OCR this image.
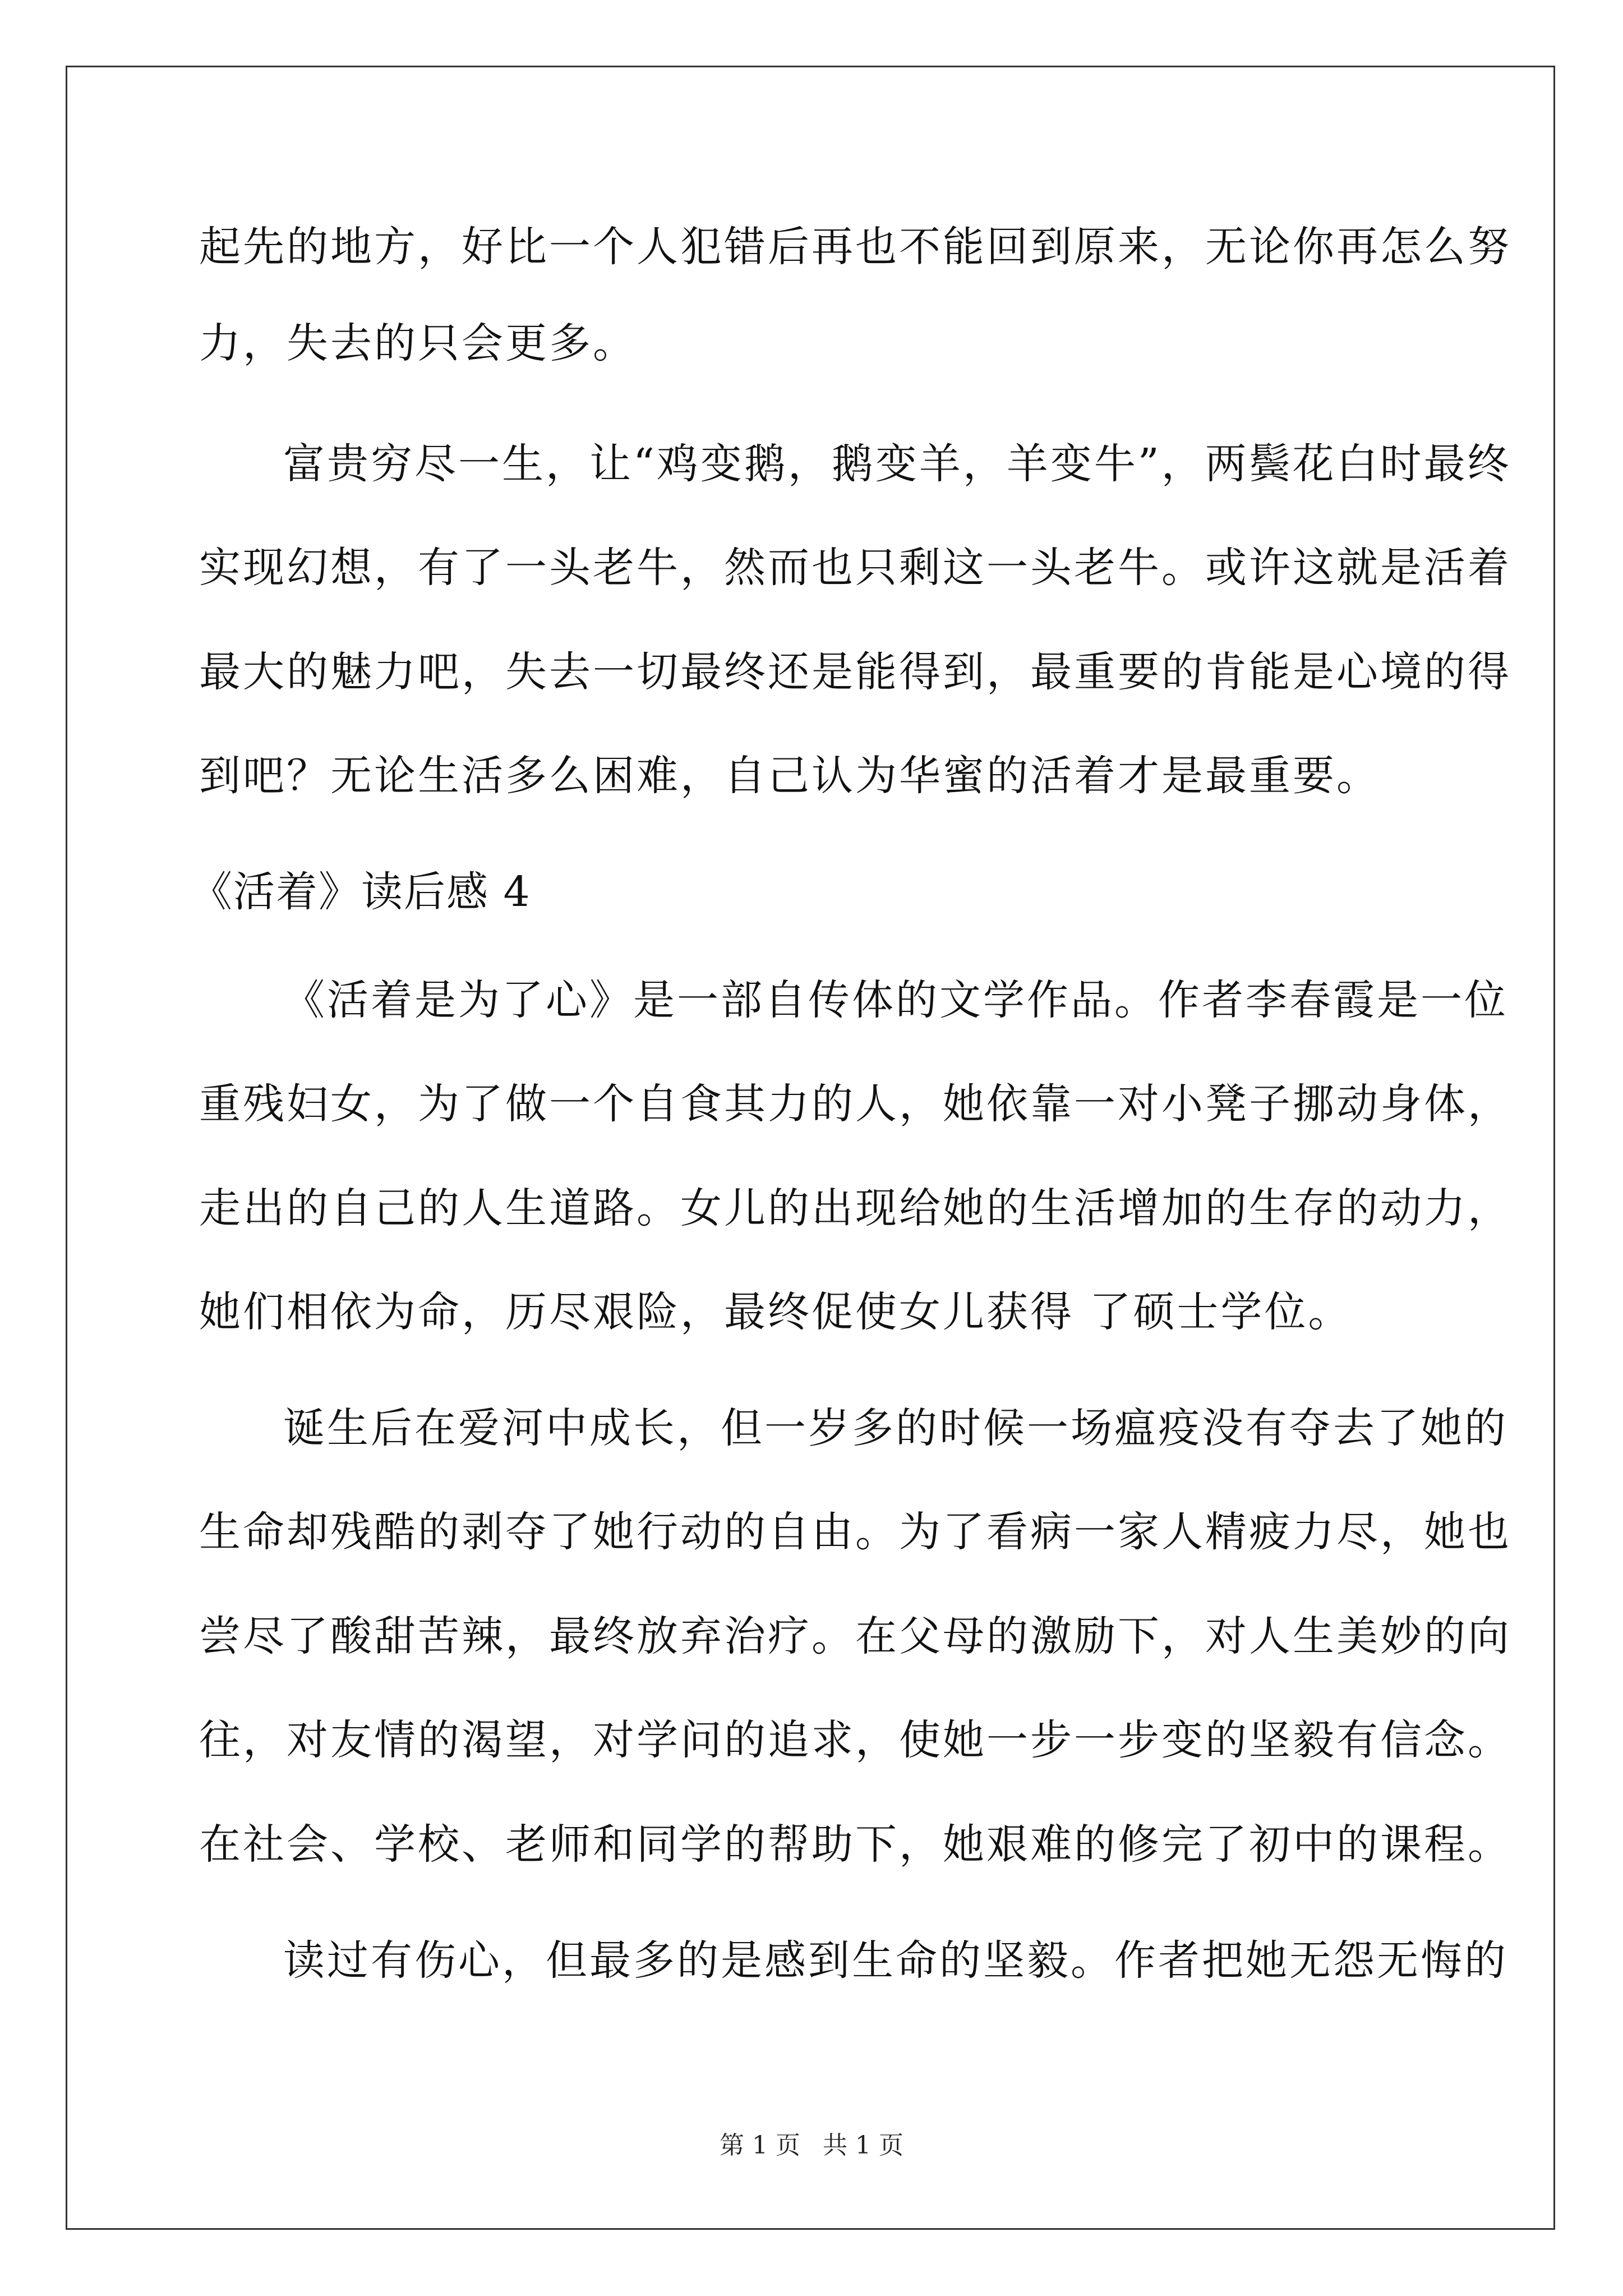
起先的地方，好比一个人犯错后再也不能回到原来，无论你再怎么努
力，失去的只会更多。
富贵穷尽一生，让“鸡变鹅，鹅变羊，羊变牛”，两鬓花白时最终
实现幻想，有了一头老牛，然而也只剩这一头老牛。或许这就是活着
最大的魅力吧，失去一切最终还是能得到，最重要的肯能是心境的得
到吧？无论生活多么困难，自己认为华蜜的活着才是最重要。
《活着》读后感 4
《活着是为了心》是一部自传体的文学作品。作者李春霞是一位
重残妇女，为了做一个自食其力的人，她依靠一对小凳子挪动身体，
走出的自己的人生道路。女儿的出现给她的生活增加的生存的动力，
她们相依为命，历尽艰险，最终促使女儿获得 了硕士学位。
诞生后在爱河中成长，但一岁多的时候一场瘟疫没有夺去了她的
生命却残酷的剥夺了她行动的自由。为了看病一家人精疲力尽，她也
尝尽了酸甜苦辣，最终放弃治疗。在父母的激励下，对人生美妙的向
往，对友情的渴望，对学问的追求，使她一步一步变的坚毅有信念。
在社会、学校、老师和同学的帮助下，她艰难的修完了初中的课程。
读过有伤心，但最多的是感到生命的坚毅。作者把她无怨无悔的
第 1 页 共 1 页
